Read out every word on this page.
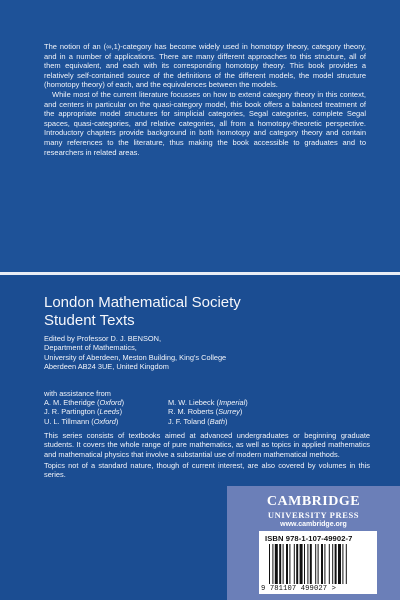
The notion of an (∞,1)-category has become widely used in homotopy theory, category theory, and in a number of applications. There are many different approaches to this structure, all of them equivalent, and each with its corresponding homotopy theory. This book provides a relatively self-contained source of the definitions of the different models, the model structure (homotopy theory) of each, and the equivalences between the models.

While most of the current literature focusses on how to extend category theory in this context, and centers in particular on the quasi-category model, this book offers a balanced treatment of the appropriate model structures for simplicial categories, Segal categories, complete Segal spaces, quasi-categories, and relative categories, all from a homotopy-theoretic perspective. Introductory chapters provide background in both homotopy and category theory and contain many references to the literature, thus making the book accessible to graduates and to researchers in related areas.

London Mathematical Society
Student Texts
Edited by Professor D. J. BENSON,
Department of Mathematics,
University of Aberdeen, Meston Building, King's College
Aberdeen AB24 3UE, United Kingdom
with assistance from
A. M. Etheridge (Oxford)	M. W. Liebeck (Imperial)
J. R. Partington (Leeds)	R. M. Roberts (Surrey)
U. L. Tillmann (Oxford)	J. F. Toland (Bath)

This series consists of textbooks aimed at advanced undergraduates or beginning graduate students. It covers the whole range of pure mathematics, as well as topics in applied mathematics and mathematical physics that involve a substantial use of modern mathematical methods.

Topics not of a standard nature, though of current interest, are also covered by volumes in this series.

CAMBRIDGE
UNIVERSITY PRESS
www.cambridge.org
ISBN 978-1-107-49902-7
9 781107 499027 >
